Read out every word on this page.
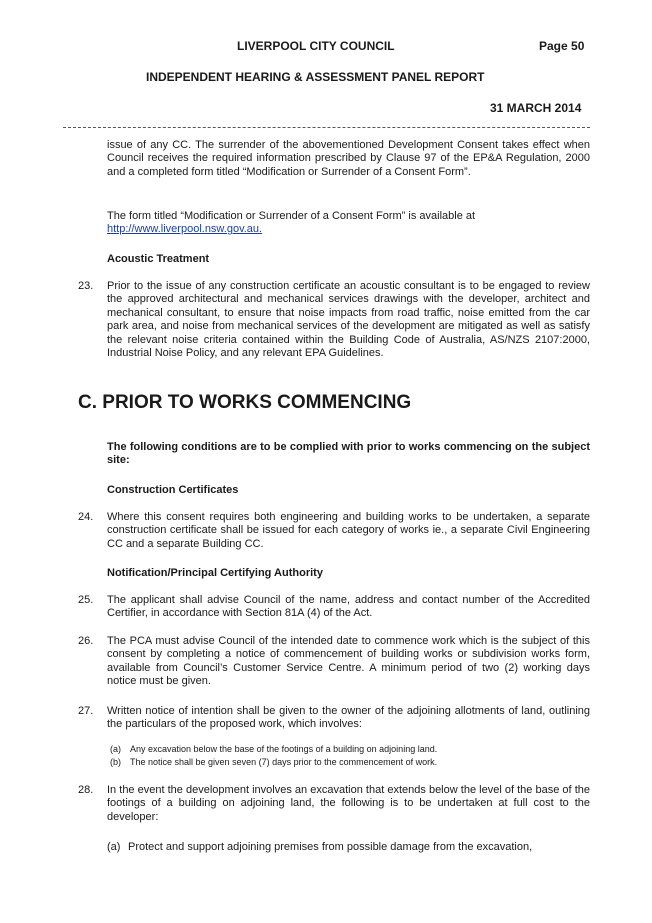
LIVERPOOL CITY COUNCIL	Page 50
INDEPENDENT HEARING & ASSESSMENT PANEL REPORT
31 MARCH 2014
issue of any CC. The surrender of the abovementioned Development Consent takes effect when Council receives the required information prescribed by Clause 97 of the EP&A Regulation, 2000 and a completed form titled “Modification or Surrender of a Consent Form”.
The form titled “Modification or Surrender of a Consent Form” is available at
http://www.liverpool.nsw.gov.au.
Acoustic Treatment
23. Prior to the issue of any construction certificate an acoustic consultant is to be engaged to review the approved architectural and mechanical services drawings with the developer, architect and mechanical consultant, to ensure that noise impacts from road traffic, noise emitted from the car park area, and noise from mechanical services of the development are mitigated as well as satisfy the relevant noise criteria contained within the Building Code of Australia, AS/NZS 2107:2000, Industrial Noise Policy, and any relevant EPA Guidelines.
C. PRIOR TO WORKS COMMENCING
The following conditions are to be complied with prior to works commencing on the subject site:
Construction Certificates
24. Where this consent requires both engineering and building works to be undertaken, a separate construction certificate shall be issued for each category of works ie., a separate Civil Engineering CC and a separate Building CC.
Notification/Principal Certifying Authority
25. The applicant shall advise Council of the name, address and contact number of the Accredited Certifier, in accordance with Section 81A (4) of the Act.
26. The PCA must advise Council of the intended date to commence work which is the subject of this consent by completing a notice of commencement of building works or subdivision works form, available from Council’s Customer Service Centre. A minimum period of two (2) working days notice must be given.
27. Written notice of intention shall be given to the owner of the adjoining allotments of land, outlining the particulars of the proposed work, which involves:
(a) Any excavation below the base of the footings of a building on adjoining land.
(b) The notice shall be given seven (7) days prior to the commencement of work.
28. In the event the development involves an excavation that extends below the level of the base of the footings of a building on adjoining land, the following is to be undertaken at full cost to the developer:
(a) Protect and support adjoining premises from possible damage from the excavation,
